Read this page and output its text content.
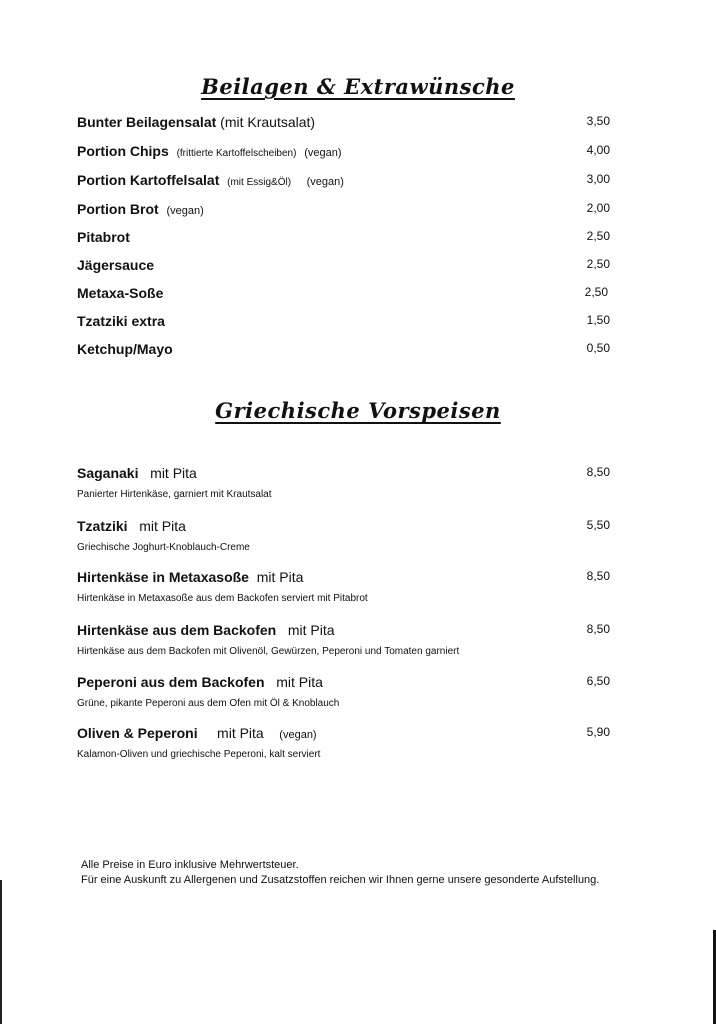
Beilagen & Extrawünsche
Bunter Beilagensalat (mit Krautsalat)	3,50
Portion Chips (frittierte Kartoffelscheiben) (vegan)	4,00
Portion Kartoffelsalat (mit Essig&Öl) (vegan)	3,00
Portion Brot (vegan)	2,00
Pitabrot	2,50
Jägersauce	2,50
Metaxa-Soße	2,50
Tzatziki extra	1,50
Ketchup/Mayo	0,50
Griechische Vorspeisen
Saganaki mit Pita	8,50
Panierter Hirtenkäse, garniert mit Krautsalat
Tzatziki mit Pita	5,50
Griechische Joghurt-Knoblauch-Creme
Hirtenkäse in Metaxasoße mit Pita	8,50
Hirtenkäse in Metaxasoße aus dem Backofen serviert mit Pitabrot
Hirtenkäse aus dem Backofen mit Pita	8,50
Hirtenkäse aus dem Backofen mit Olivenöl, Gewürzen, Peperoni und Tomaten garniert
Peperoni aus dem Backofen mit Pita	6,50
Grüne, pikante Peperoni aus dem Ofen mit Öl & Knoblauch
Oliven & Peperoni mit Pita (vegan)	5,90
Kalamon-Oliven und griechische Peperoni, kalt serviert
Alle Preise in Euro inklusive Mehrwertsteuer.
Für eine Auskunft zu Allergenen und Zusatzstoffen reichen wir Ihnen gerne unsere gesonderte Aufstellung.
